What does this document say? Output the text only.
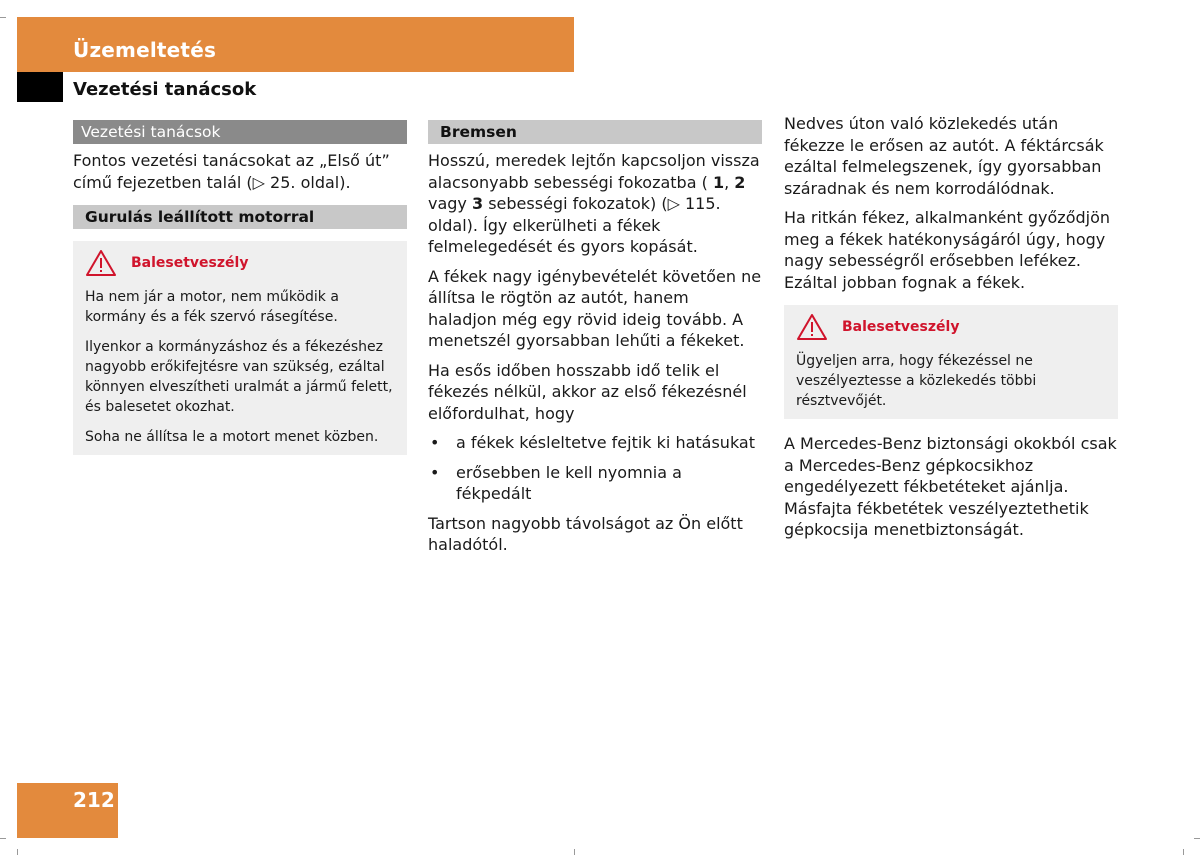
Üzemeltetés
Vezetési tanácsok
Vezetési tanácsok

Fontos vezetési tanácsokat az „Első út” című fejezetben talál (▷ 25. oldal).

Gurulás leállított motorral
Balesetveszély

Ha nem jár a motor, nem működik a kormány és a fék szervó rásegítése.

Ilyenkor a kormányzáshoz és a fékezéshez nagyobb erőkifejtésre van szükség, ezáltal könnyen elveszítheti uralmát a jármű felett, és balesetet okozhat.

Soha ne állítsa le a motort menet közben.

Bremsen

Hosszú, meredek lejtőn kapcsoljon vissza alacsonyabb sebességi fokozatba ( 1, 2 vagy 3 sebességi fokozatok) (▷ 115. oldal). Így elkerülheti a fékek felmelegedését és gyors kopását.

A fékek nagy igénybevételét követően ne állítsa le rögtön az autót, hanem haladjon még egy rövid ideig tovább. A menetszél gyorsabban lehűti a fékeket.

Ha esős időben hosszabb idő telik el fékezés nélkül, akkor az első fékezésnél előfordulhat, hogy

• a fékek késleltetve fejtik ki hatásukat
• erősebben le kell nyomnia a fékpedált

Tartson nagyobb távolságot az Ön előtt haladótól.

Nedves úton való közlekedés után fékezze le erősen az autót. A féktárcsák ezáltal felmelegszenek, így gyorsabban száradnak és nem korrodálódnak.

Ha ritkán fékez, alkalmanként győződjön meg a fékek hatékonyságáról úgy, hogy nagy sebességről erősebben lefékez. Ezáltal jobban fognak a fékek.

Balesetveszély

Ügyeljen arra, hogy fékezéssel ne veszélyeztesse a közlekedés többi résztvevőjét.

A Mercedes-Benz biztonsági okokból csak a Mercedes-Benz gépkocsikhoz engedélyezett fékbetéteket ajánlja. Másfajta fékbetétek veszélyeztethetik gépkocsija menetbiztonságát.

212
